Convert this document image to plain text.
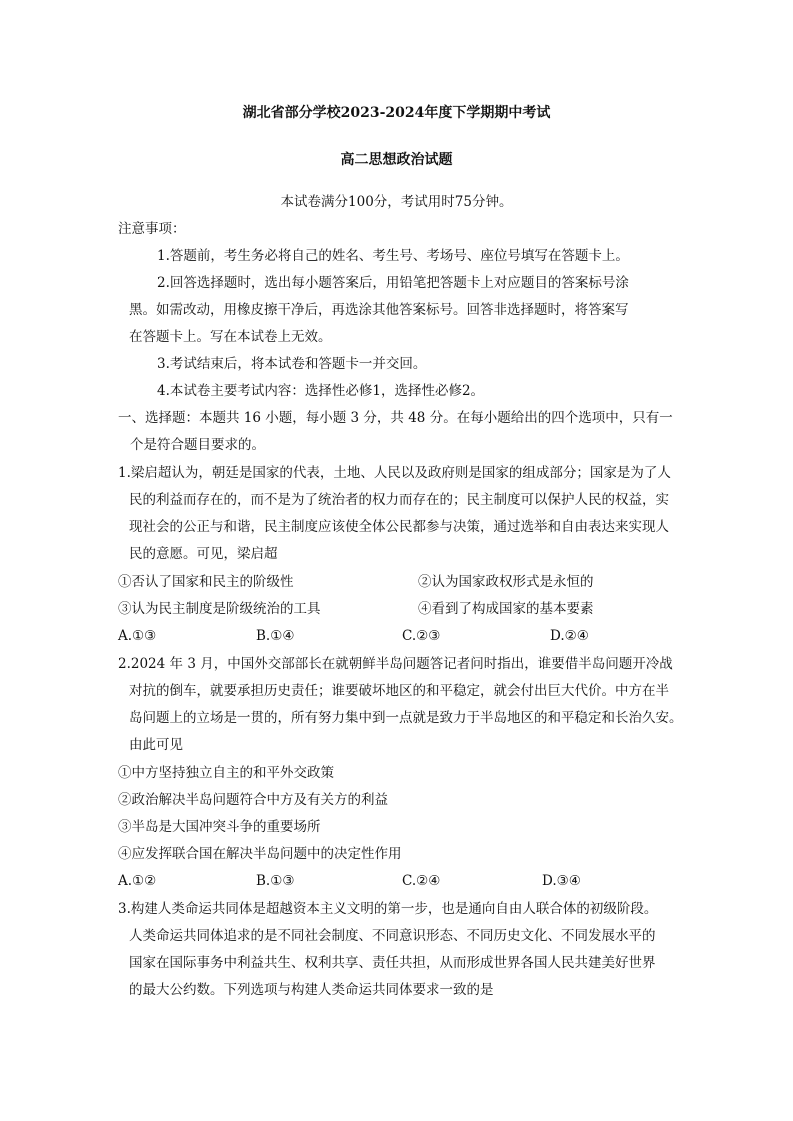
湖北省部分学校2023-2024年度下学期期中考试
高二思想政治试题
本试卷满分100分，考试用时75分钟。
注意事项：
1.答题前，考生务必将自己的姓名、考生号、考场号、座位号填写在答题卡上。
2.回答选择题时，选出每小题答案后，用铅笔把答题卡上对应题目的答案标号涂
黑。如需改动，用橡皮擦干净后，再选涂其他答案标号。回答非选择题时，将答案写
在答题卡上。写在本试卷上无效。
3.考试结束后，将本试卷和答题卡一并交回。
4.本试卷主要考试内容：选择性必修1，选择性必修2。
一、选择题：本题共 16 小题，每小题 3 分，共 48 分。在每小题给出的四个选项中，只有一
个是符合题目要求的。
1.梁启超认为，朝廷是国家的代表，土地、人民以及政府则是国家的组成部分；国家是为了人
民的利益而存在的，而不是为了统治者的权力而存在的；民主制度可以保护人民的权益，实
现社会的公正与和谐，民主制度应该使全体公民都参与决策，通过选举和自由表达来实现人
民的意愿。可见，梁启超
①否认了国家和民主的阶级性	②认为国家政权形式是永恒的
③认为民主制度是阶级统治的工具	④看到了构成国家的基本要素
A.①③	B.①④	C.②③	D.②④
2.2024 年 3 月，中国外交部部长在就朝鲜半岛问题答记者问时指出，谁要借半岛问题开冷战
对抗的倒车，就要承担历史责任；谁要破坏地区的和平稳定，就会付出巨大代价。中方在半
岛问题上的立场是一贯的，所有努力集中到一点就是致力于半岛地区的和平稳定和长治久安。
由此可见
①中方坚持独立自主的和平外交政策
②政治解决半岛问题符合中方及有关方的利益
③半岛是大国冲突斗争的重要场所
④应发挥联合国在解决半岛问题中的决定性作用
A.①②	B.①③	C.②④	D.③④
3.构建人类命运共同体是超越资本主义文明的第一步，也是通向自由人联合体的初级阶段。
人类命运共同体追求的是不同社会制度、不同意识形态、不同历史文化、不同发展水平的
国家在国际事务中利益共生、权利共享、责任共担，从而形成世界各国人民共建美好世界
的最大公约数。下列选项与构建人类命运共同体要求一致的是
